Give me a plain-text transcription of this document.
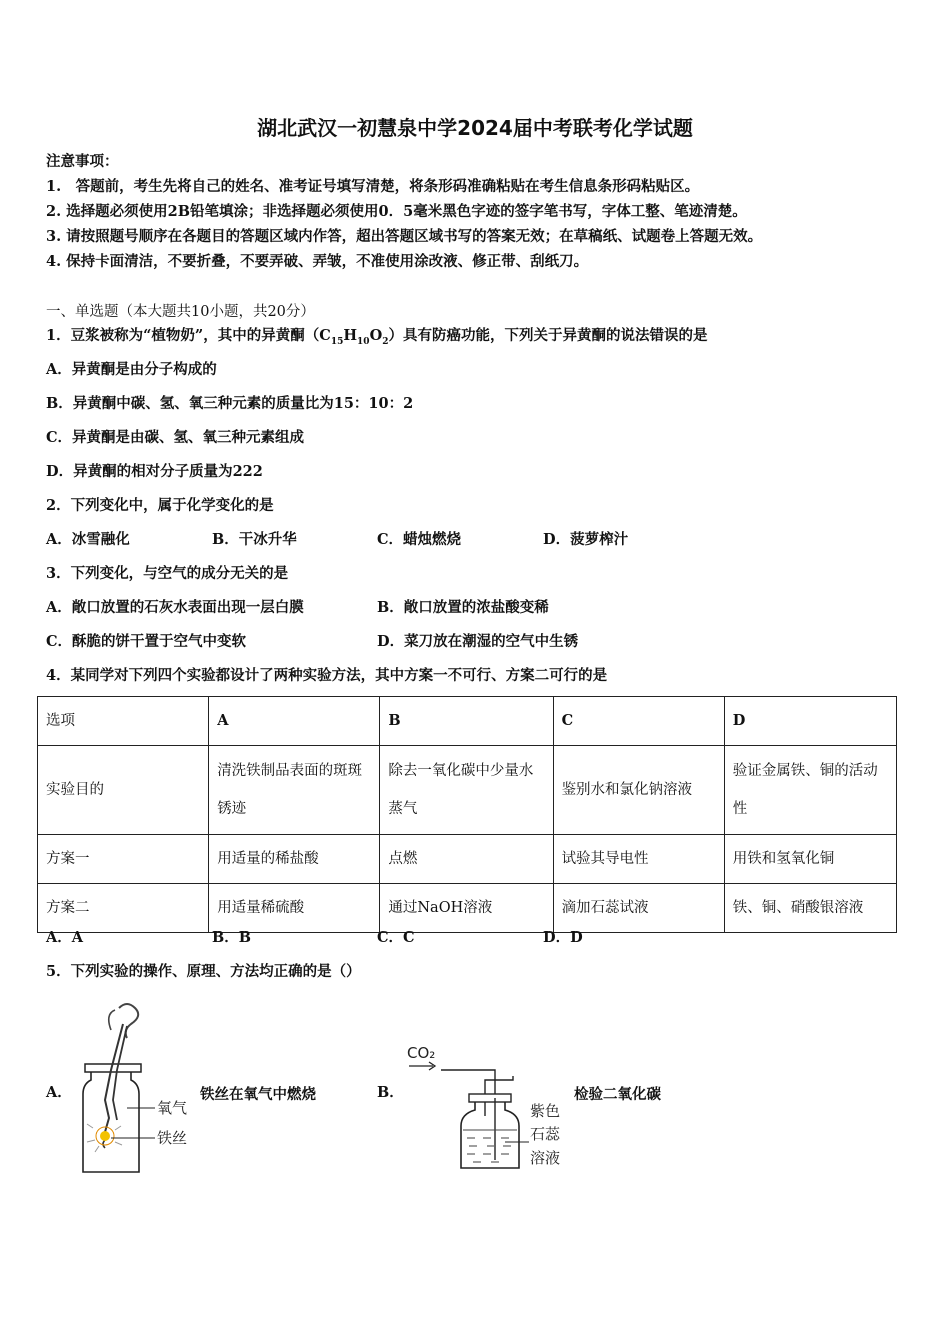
湖北武汉一初慧泉中学2024届中考联考化学试题
注意事项：
1.　答题前，考生先将自己的姓名、准考证号填写清楚，将条形码准确粘贴在考生信息条形码粘贴区。
2. 选择题必须使用2B铅笔填涂；非选择题必须使用0．5毫米黑色字迹的签字笔书写，字体工整、笔迹清楚。
3. 请按照题号顺序在各题目的答题区域内作答，超出答题区域书写的答案无效；在草稿纸、试题卷上答题无效。
4. 保持卡面清洁，不要折叠，不要弄破、弄皱，不准使用涂改液、修正带、刮纸刀。
一、单选题（本大题共10小题，共20分）
1．豆浆被称为“植物奶”，其中的异黄酮$(C_{15}H_{10}O_2)$具有防癌功能，下列关于异黄酮的说法错误的是
A．异黄酮是由分子构成的
B．异黄酮中碳、氢、氧三种元素的质量比为15：10：2
C．异黄酮是由碳、氢、氧三种元素组成
D．异黄酮的相对分子质量为222
2．下列变化中，属于化学变化的是
A．冰雪融化	B．干冰升华	C．蜡烛燃烧	D．菠萝榨汁
3．下列变化，与空气的成分无关的是
A．敞口放置的石灰水表面出现一层白膜	B．敞口放置的浓盐酸变稀
C．酥脆的饼干置于空气中变软	D．菜刀放在潮湿的空气中生锈
4．某同学对下列四个实验都设计了两种实验方法，其中方案一不可行、方案二可行的是
选项	A	B	C	D
实验目的	清洗铁制品表面的斑斑锈迹	除去一氧化碳中少量水蒸气	鉴别水和氯化钠溶液	验证金属铁、铜的活动性
方案一	用适量的稀盐酸	点燃	试验其导电性	用铁和氢氧化铜
方案二	用适量稀硫酸	通过NaOH溶液	滴加石蕊试液	铁、铜、硝酸银溶液
A．A	B．B	C．C	D．D
5．下列实验的操作、原理、方法均正确的是（）
A．
氧气
铁丝
铁丝在氧气中燃烧	B．
CO₂
紫色
石蕊
溶液
检验二氧化碳
